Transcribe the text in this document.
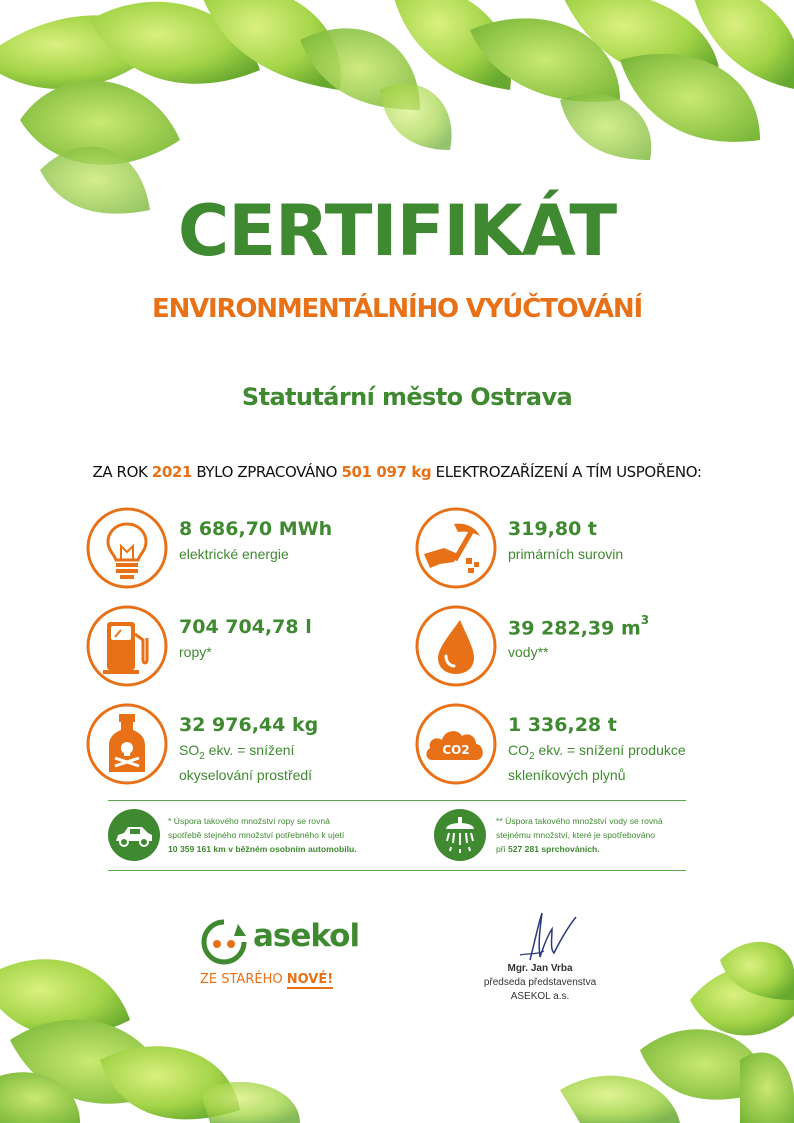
CERTIFIKÁT
ENVIRONMENTÁLNÍHO VYÚČTOVÁNÍ
Statutární město Ostrava
ZA ROK 2021 BYLO ZPRACOVÁNO 501 097 kg ELEKTROZAŘÍZENÍ A TÍM USPOŘENO:
8 686,70 MWh
elektrické energie
319,80 t
primárních surovin
704 704,78 l
ropy*
39 282,39 $m^3$
vody**
32 976,44 kg
$SO_2$ ekv. = snížení
okyselování prostředí
CO2
1 336,28 t
$CO_2$ ekv. = snížení produkce
skleníkových plynů
* Úspora takového množství ropy se rovná
spotřebě stejného množství potřebného k ujetí
10 359 161 km v běžném osobním automobilu.
** Úspora takového množství vody se rovná
stejnému množství, které je spotřebováno
při 527 281 sprchováních.
asekol
ZE STARÉHO NOVÉ!
Mgr. Jan Vrba
předseda představenstva
ASEKOL a.s.
